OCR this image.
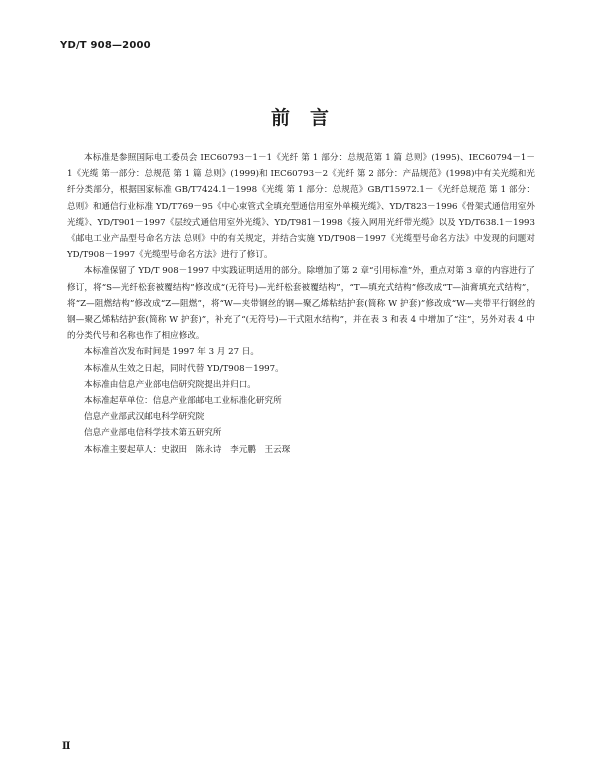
YD/T 908—2000
前言

本标准是参照国际电工委员会 IEC60793－1－1《光纤 第 1 部分：总规范第 1 篇 总则》(1995)、IEC60794－1－1《光缆 第一部分：总规范 第 1 篇 总则》(1999)和 IEC60793－2《光纤 第 2 部分：产品规范》(1998)中有关光缆和光纤分类部分，根据国家标准 GB/T7424.1－1998《光缆 第 1 部分：总规范》GB/T15972.1－《光纤总规范 第 1 部分：总则》和通信行业标准 YD/T769－95《中心束管式全填充型通信用室外单模光缆》、YD/T823－1996《骨架式通信用室外光缆》、YD/T901－1997《层绞式通信用室外光缆》、YD/T981－1998《接入网用光纤带光缆》以及 YD/T638.1－1993《邮电工业产品型号命名方法 总则》中的有关规定，并结合实施 YD/T908－1997《光缆型号命名方法》中发现的问题对 YD/T908－1997《光缆型号命名方法》进行了修订。

本标准保留了 YD/T 908－1997 中实践证明适用的部分。除增加了第 2 章“引用标准”外，重点对第 3 章的内容进行了修订，将“S—光纤松套被覆结构”修改成“(无符号)—光纤松套被覆结构”，“T—填充式结构”修改成“T—油膏填充式结构”，将“Z—阻燃结构”修改成“Z—阻燃”，将“W—夹带钢丝的钢—聚乙烯粘结护套(简称 W 护套)”修改成“W—夹带平行钢丝的钢—聚乙烯粘结护套(简称 W 护套)”，补充了“(无符号)—干式阻水结构”，并在表 3 和表 4 中增加了“注”，另外对表 4 中的分类代号和名称也作了相应修改。

本标准首次发布时间是 1997 年 3 月 27 日。

本标准从生效之日起，同时代替 YD/T908－1997。

本标准由信息产业部电信研究院提出并归口。

本标准起草单位：信息产业部邮电工业标准化研究所

信息产业部武汉邮电科学研究院

信息产业部电信科学技术第五研究所

本标准主要起草人：史淑田　陈永诗　李元鹏　王云琛

Ⅱ
